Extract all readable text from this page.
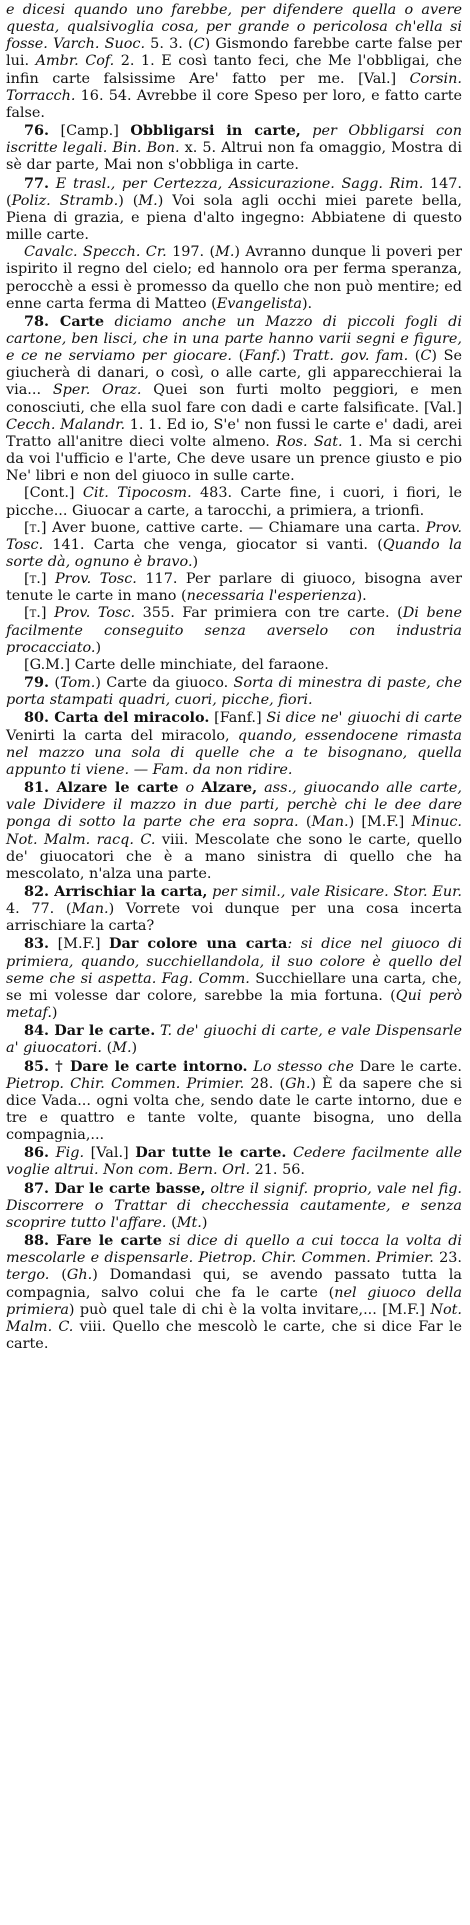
e dicesi quando uno farebbe, per difendere quella o avere questa, qualsivoglia cosa, per grande o pericolosa ch'ella si fosse. Varch. Suoc. 5. 3. (C) Gismondo farebbe carte false per lui. Ambr. Cof. 2. 1. E così tanto feci, che Me l'obbligai, che infin carte falsissime Are' fatto per me. [Val.] Corsin. Torracch. 16. 54. Avrebbe il core Speso per loro, e fatto carte false.

76. [Camp.] Obbligarsi in carte, per Obbligarsi con iscritte legali. Bin. Bon. x. 5. Altrui non fa omaggio, Mostra di sè dar parte, Mai non s'obbliga in carte.

77. E trasl., per Certezza, Assicurazione. Sagg. Rim. 147. (Poliz. Stramb.) (M.) Voi sola agli occhi miei parete bella, Piena di grazia, e piena d'alto ingegno: Abbiatene di questo mille carte.

Cavalc. Specch. Cr. 197. (M.) Avranno dunque li poveri per ispirito il regno del cielo; ed hannolo ora per ferma speranza, perocchè a essi è promesso da quello che non può mentire; ed enne carta ferma di Matteo (Evangelista).

78. Carte diciamo anche un Mazzo di piccoli fogli di cartone, ben lisci, che in una parte hanno varii segni e figure, e ce ne serviamo per giocare. (Fanf.) Tratt. gov. fam. (C) Se giucherà di danari, o così, o alle carte, gli apparecchierai la via... Sper. Oraz. Quei son furti molto peggiori, e men conosciuti, che ella suol fare con dadi e carte falsificate. [Val.] Cecch. Malandr. 1. 1. Ed io, S'e' non fussi le carte e' dadi, arei Tratto all'anitre dieci volte almeno. Ros. Sat. 1. Ma si cerchi da voi l'ufficio e l'arte, Che deve usare un prence giusto e pio Ne' libri e non del giuoco in sulle carte.

[Cont.] Cit. Tipocosm. 483. Carte fine, i cuori, i fiori, le picche... Giuocar a carte, a tarocchi, a primiera, a trionfi.

[t.] Aver buone, cattive carte. — Chiamare una carta. Prov. Tosc. 141. Carta che venga, giocator si vanti. (Quando la sorte dà, ognuno è bravo.)

[t.] Prov. Tosc. 117. Per parlare di giuoco, bisogna aver tenute le carte in mano (necessaria l'esperienza).

[t.] Prov. Tosc. 355. Far primiera con tre carte. (Di bene facilmente conseguito senza averselo con industria procacciato.)

[G.M.] Carte delle minchiate, del faraone.

79. (Tom.) Carte da giuoco. Sorta di minestra di paste, che porta stampati quadri, cuori, picche, fiori.

80. Carta del miracolo. [Fanf.] Si dice ne' giuochi di carte Venirti la carta del miracolo, quando, essendocene rimasta nel mazzo una sola di quelle che a te bisognano, quella appunto ti viene. — Fam. da non ridire.

81. Alzare le carte o Alzare, ass., giuocando alle carte, vale Dividere il mazzo in due parti, perchè chi le dee dare ponga di sotto la parte che era sopra. (Man.) [M.F.] Minuc. Not. Malm. racq. C. viii. Mescolate che sono le carte, quello de' giuocatori che è a mano sinistra di quello che ha mescolato, n'alza una parte.

82. Arrischiar la carta, per simil., vale Risicare. Stor. Eur. 4. 77. (Man.) Vorrete voi dunque per una cosa incerta arrischiare la carta?

83. [M.F.] Dar colore una carta: si dice nel giuoco di primiera, quando, succhiellandola, il suo colore è quello del seme che si aspetta. Fag. Comm. Succhiellare una carta, che, se mi volesse dar colore, sarebbe la mia fortuna. (Qui però metaf.)

84. Dar le carte. T. de' giuochi di carte, e vale Dispensarle a' giuocatori. (M.)

85. † Dare le carte intorno. Lo stesso che Dare le carte. Pietrop. Chir. Commen. Primier. 28. (Gh.) È da sapere che si dice Vada... ogni volta che, sendo date le carte intorno, due e tre e quattro e tante volte, quante bisogna, uno della compagnia,...

86. Fig. [Val.] Dar tutte le carte. Cedere facilmente alle voglie altrui. Non com. Bern. Orl. 21. 56.

87. Dar le carte basse, oltre il signif. proprio, vale nel fig. Discorrere o Trattar di checchessia cautamente, e senza scoprire tutto l'affare. (Mt.)

88. Fare le carte si dice di quello a cui tocca la volta di mescolarle e dispensarle. Pietrop. Chir. Commen. Primier. 23. tergo. (Gh.) Domandasi qui, se avendo passato tutta la compagnia, salvo colui che fa le carte (nel giuoco della primiera) può quel tale di chi è la volta invitare,... [M.F.] Not. Malm. C. viii. Quello che mescolò le carte, che si dice Far le carte.
